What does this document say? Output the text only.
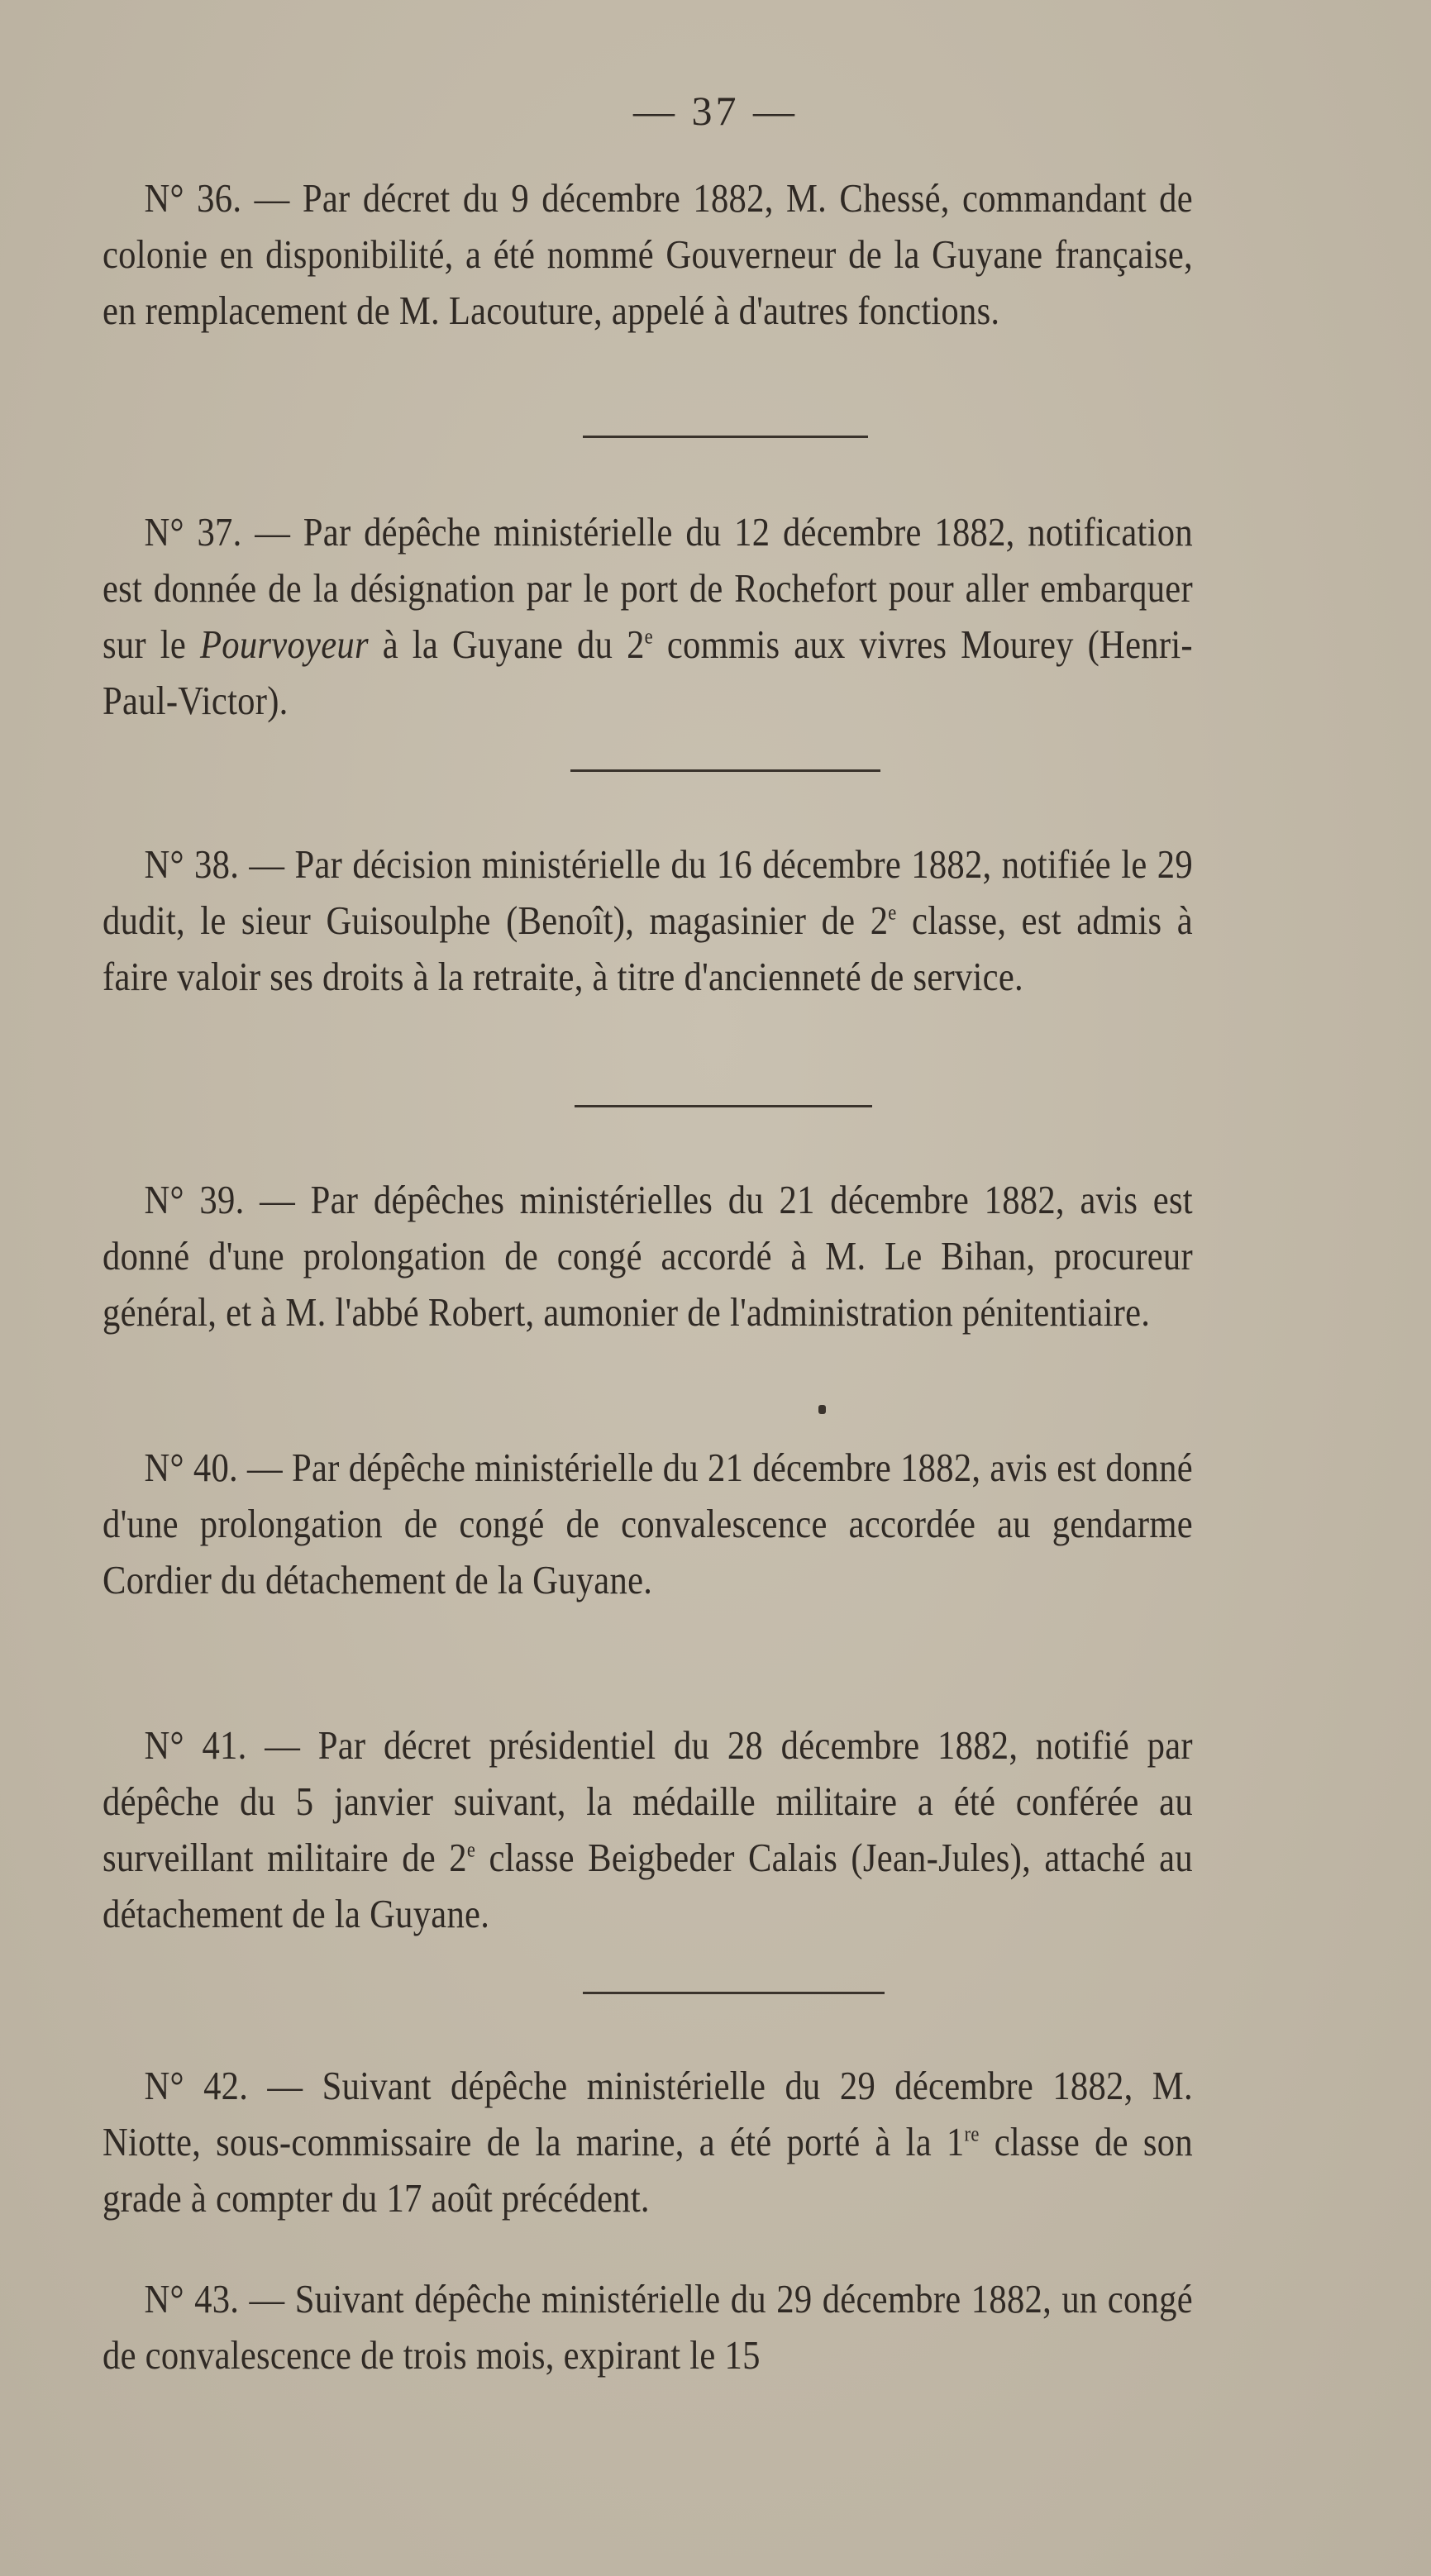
— 37 —

N° 36. — Par décret du 9 décembre 1882, M. Chessé, commandant de colonie en disponibilité, a été nommé Gouverneur de la Guyane française, en remplacement de M. Lacouture, appelé à d'autres fonctions.

N° 37. — Par dépêche ministérielle du 12 décembre 1882, notification est donnée de la désignation par le port de Rochefort pour aller embarquer sur le Pourvoyeur à la Guyane du 2e commis aux vivres Mourey (Henri-Paul-Victor).

N° 38. — Par décision ministérielle du 16 décembre 1882, notifiée le 29 dudit, le sieur Guisoulphe (Benoît), magasinier de 2e classe, est admis à faire valoir ses droits à la retraite, à titre d'ancienneté de service.

N° 39. — Par dépêches ministérielles du 21 décembre 1882, avis est donné d'une prolongation de congé accordé à M. Le Bihan, procureur général, et à M. l'abbé Robert, aumonier de l'administration pénitentiaire.

N° 40. — Par dépêche ministérielle du 21 décembre 1882, avis est donné d'une prolongation de congé de convalescence accordée au gendarme Cordier du détachement de la Guyane.

N° 41. — Par décret présidentiel du 28 décembre 1882, notifié par dépêche du 5 janvier suivant, la médaille militaire a été conférée au surveillant militaire de 2e classe Beigbeder Calais (Jean-Jules), attaché au détachement de la Guyane.

N° 42. — Suivant dépêche ministérielle du 29 décembre 1882, M. Niotte, sous-commissaire de la marine, a été porté à la 1re classe de son grade à compter du 17 août précédent.

N° 43. — Suivant dépêche ministérielle du 29 décembre 1882, un congé de convalescence de trois mois, expirant le 15
